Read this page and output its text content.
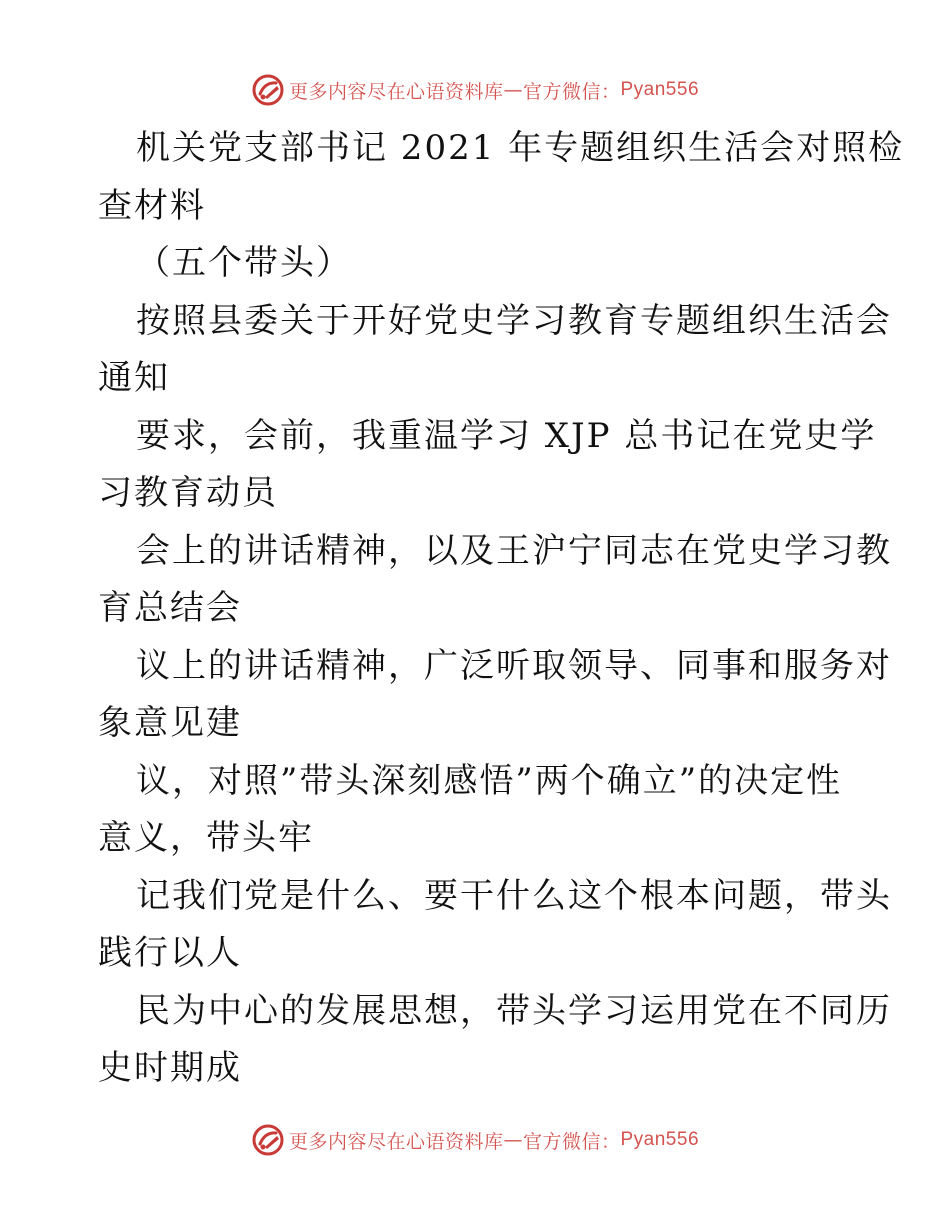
更多内容尽在心语资料库 — 官方微信： Pyan556
机关党支部书记 2021 年专题组织生活会对照检
查材料
（五个带头）
按照县委关于开好党史学习教育专题组织生活会
通知
要求，会前，我重温学习 XJP 总书记在党史学
习教育动员
会上的讲话精神，以及王沪宁同志在党史学习教
育总结会
议上的讲话精神，广泛听取领导、同事和服务对
象意见建
议，对照”带头深刻感悟”两个确立”的决定性
意义，带头牢
记我们党是什么、要干什么这个根本问题，带头
践行以人
民为中心的发展思想，带头学习运用党在不同历
史时期成
更多内容尽在心语资料库 — 官方微信： Pyan556
